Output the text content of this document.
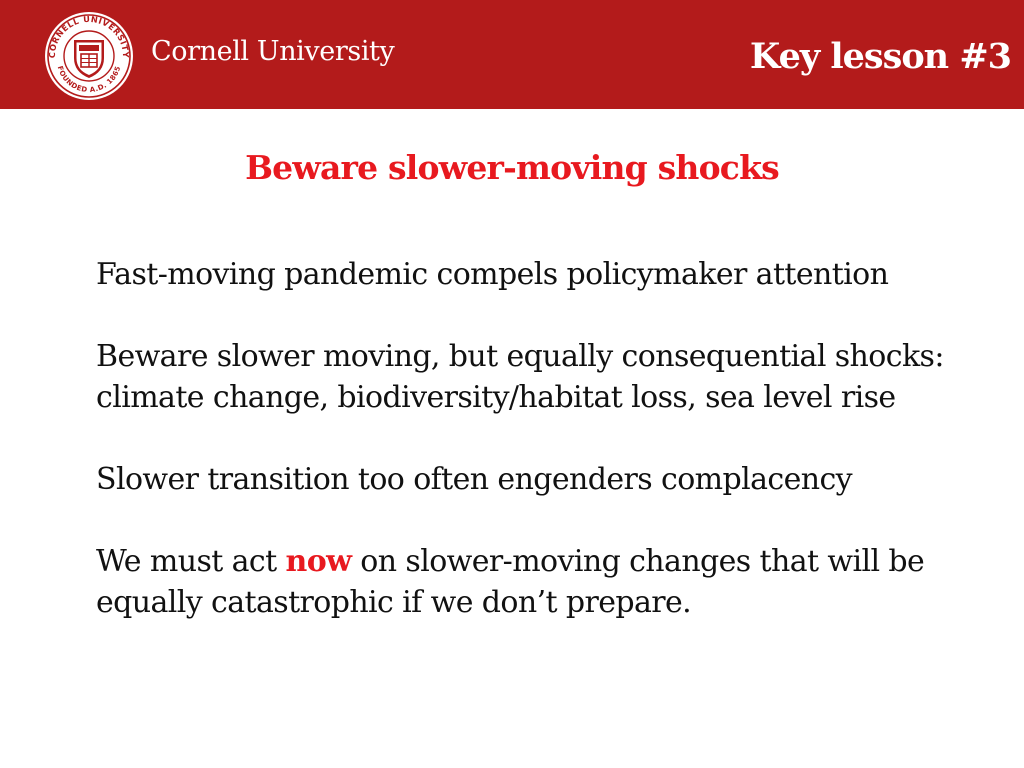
CORNELL UNIVERSITY
FOUNDED A.D. 1865
Cornell University	Key lesson #3
Beware slower-moving shocks

Fast-moving pandemic compels policymaker attention

Beware slower moving, but equally consequential shocks: climate change, biodiversity/habitat loss, sea level rise

Slower transition too often engenders complacency

We must act now on slower-moving changes that will be equally catastrophic if we don’t prepare.
